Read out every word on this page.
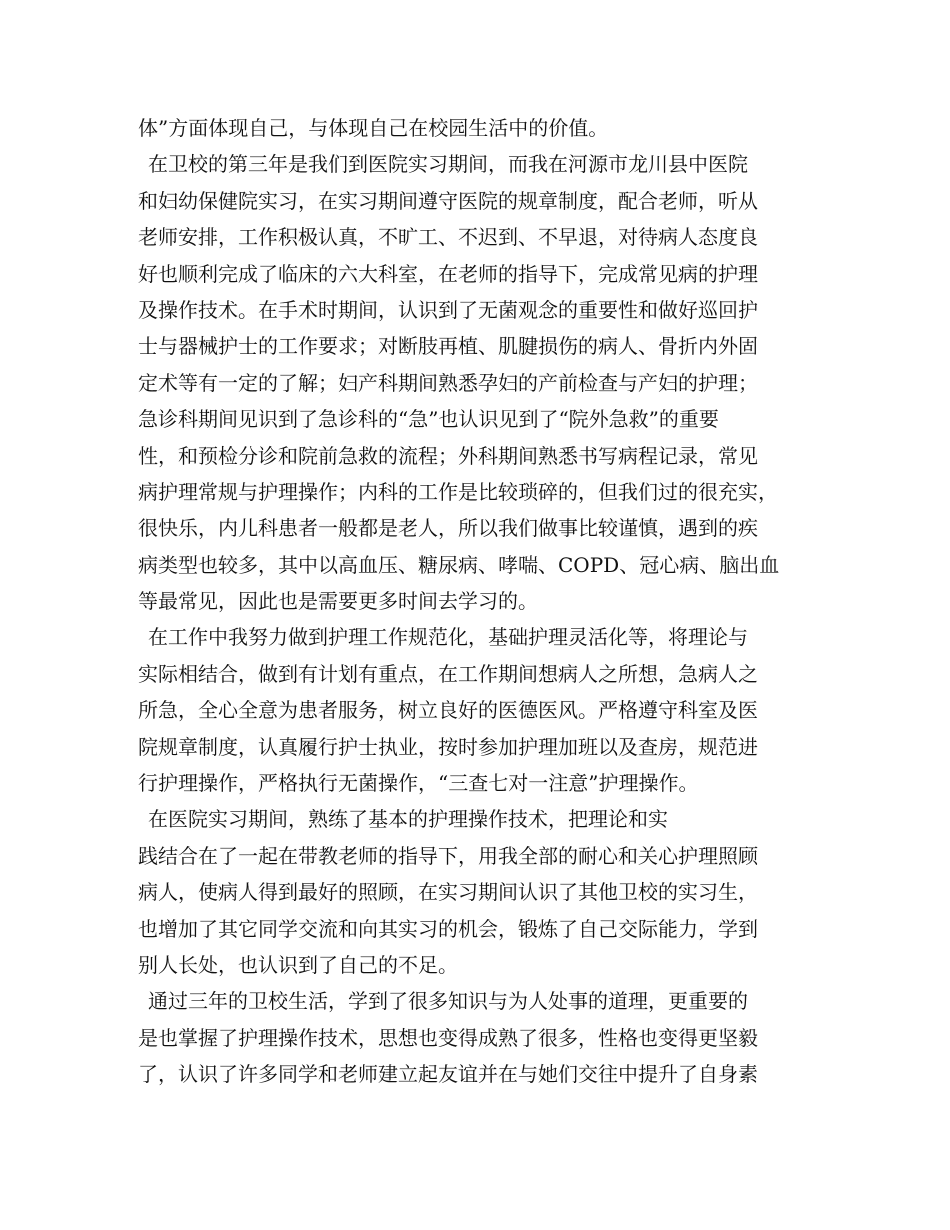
体”方面体现自己，与体现自己在校园生活中的价值。
在卫校的第三年是我们到医院实习期间，而我在河源市龙川县中医院
和妇幼保健院实习，在实习期间遵守医院的规章制度，配合老师，听从
老师安排，工作积极认真，不旷工、不迟到、不早退，对待病人态度良
好也顺利完成了临床的六大科室，在老师的指导下，完成常见病的护理
及操作技术。在手术时期间，认识到了无菌观念的重要性和做好巡回护
士与器械护士的工作要求；对断肢再植、肌腱损伤的病人、骨折内外固
定术等有一定的了解；妇产科期间熟悉孕妇的产前检查与产妇的护理；
急诊科期间见识到了急诊科的“急”也认识见到了“院外急救”的重要
性，和预检分诊和院前急救的流程；外科期间熟悉书写病程记录，常见
病护理常规与护理操作；内科的工作是比较琐碎的，但我们过的很充实，
很快乐，内儿科患者一般都是老人，所以我们做事比较谨慎，遇到的疾
病类型也较多，其中以高血压、糖尿病、哮喘、COPD、冠心病、脑出血
等最常见，因此也是需要更多时间去学习的。
在工作中我努力做到护理工作规范化，基础护理灵活化等，将理论与
实际相结合，做到有计划有重点，在工作期间想病人之所想，急病人之
所急，全心全意为患者服务，树立良好的医德医风。严格遵守科室及医
院规章制度，认真履行护士执业，按时参加护理加班以及查房，规范进
行护理操作，严格执行无菌操作，“三查七对一注意”护理操作。
在医院实习期间，熟练了基本的护理操作技术，把理论和实
践结合在了一起在带教老师的指导下，用我全部的耐心和关心护理照顾
病人，使病人得到最好的照顾，在实习期间认识了其他卫校的实习生，
也增加了其它同学交流和向其实习的机会，锻炼了自己交际能力，学到
别人长处，也认识到了自己的不足。
通过三年的卫校生活，学到了很多知识与为人处事的道理，更重要的
是也掌握了护理操作技术，思想也变得成熟了很多，性格也变得更坚毅
了，认识了许多同学和老师建立起友谊并在与她们交往中提升了自身素
